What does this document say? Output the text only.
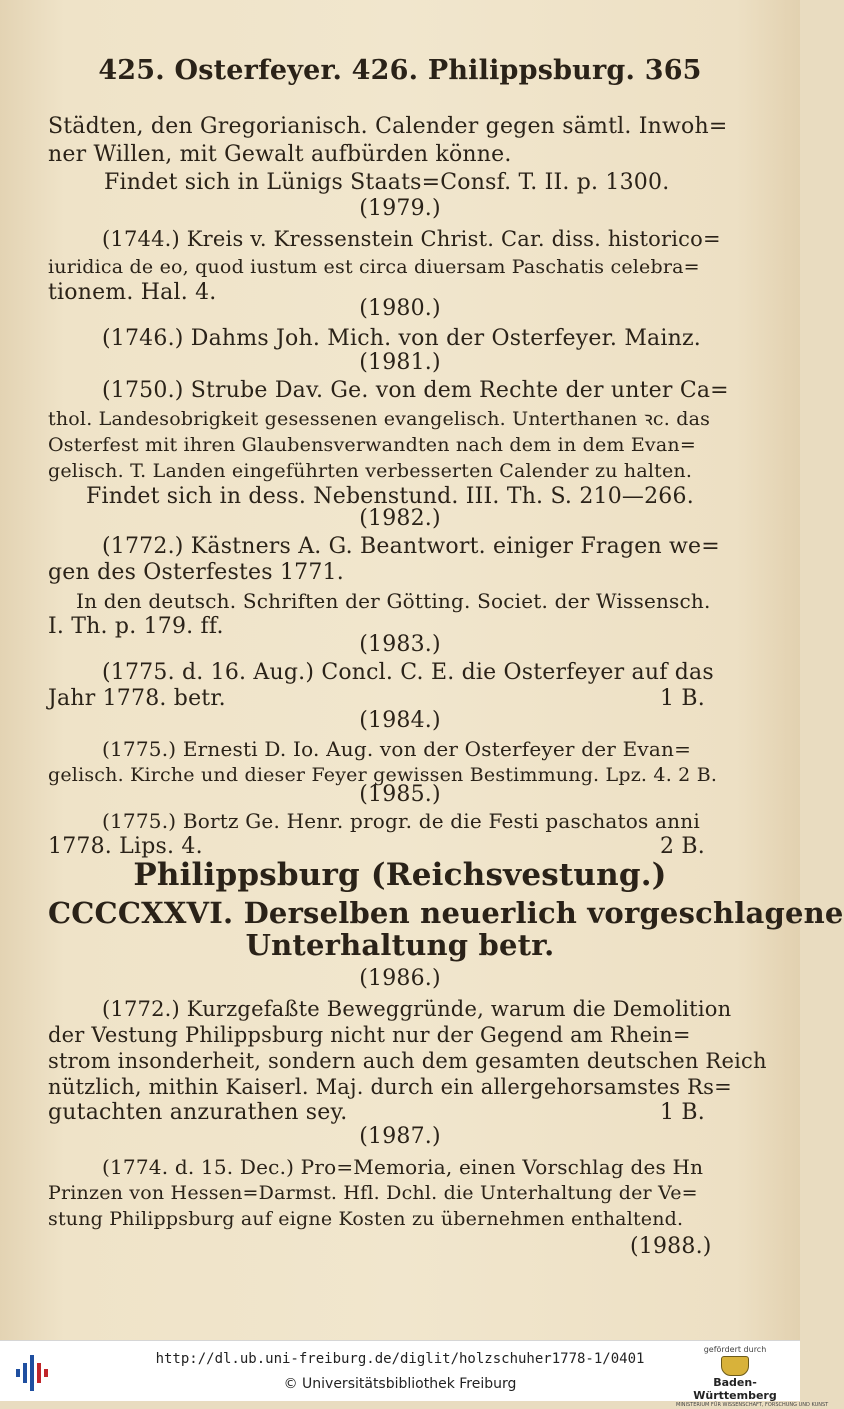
425. Osterfeyer. 426. Philippsburg. 365
Städten, den Gregorianisch. Calender gegen sämtl. Inwoh=
ner Willen, mit Gewalt aufbürden könne.
Findet sich in Lünigs Staats=Consf. T. II. p. 1300.
(1979.)
(1744.) Kreis v. Kressenstein Christ. Car. diss. historico=
iuridica de eo, quod iustum est circa diuersam Paschatis celebra=
tionem. Hal. 4.
(1980.)
(1746.) Dahms Joh. Mich. von der Osterfeyer. Mainz.
(1981.)
(1750.) Strube Dav. Ge. von dem Rechte der unter Ca=
thol. Landesobrigkeit gesessenen evangelisch. Unterthanen ꝛc. das
Osterfest mit ihren Glaubensverwandten nach dem in dem Evan=
gelisch. T. Landen eingeführten verbesserten Calender zu halten.
Findet sich in dess. Nebenstund. III. Th. S. 210—266.
(1982.)
(1772.) Kästners A. G. Beantwort. einiger Fragen we=
gen des Osterfestes 1771.
In den deutsch. Schriften der Götting. Societ. der Wissensch.
I. Th. p. 179. ff.
(1983.)
(1775. d. 16. Aug.) Concl. C. E. die Osterfeyer auf das
Jahr 1778. betr.	1 B.
(1984.)
(1775.) Ernesti D. Io. Aug. von der Osterfeyer der Evan=
gelisch. Kirche und dieser Feyer gewissen Bestimmung. Lpz. 4. 2 B.
(1985.)
(1775.) Bortz Ge. Henr. progr. de die Festi paschatos anni
1778. Lips. 4.	2 B.
Philippsburg (Reichsvestung.)
CCCCXXVI. Derselben neuerlich vorgeschlagene
Unterhaltung betr.
(1986.)
(1772.) Kurzgefaßte Beweggründe, warum die Demolition
der Vestung Philippsburg nicht nur der Gegend am Rhein=
strom insonderheit, sondern auch dem gesamten deutschen Reich
nützlich, mithin Kaiserl. Maj. durch ein allergehorsamstes Rs=
gutachten anzurathen sey.	1 B.
(1987.)
(1774. d. 15. Dec.) Pro=Memoria, einen Vorschlag des Hn
Prinzen von Hessen=Darmst. Hfl. Dchl. die Unterhaltung der Ve=
stung Philippsburg auf eigne Kosten zu übernehmen enthaltend.
(1988.)
http://dl.ub.uni-freiburg.de/diglit/holzschuher1778-1/0401
© Universitätsbibliothek Freiburg
gefördert durch
Baden-Württemberg
MINISTERIUM FÜR WISSENSCHAFT, FORSCHUNG UND KUNST
